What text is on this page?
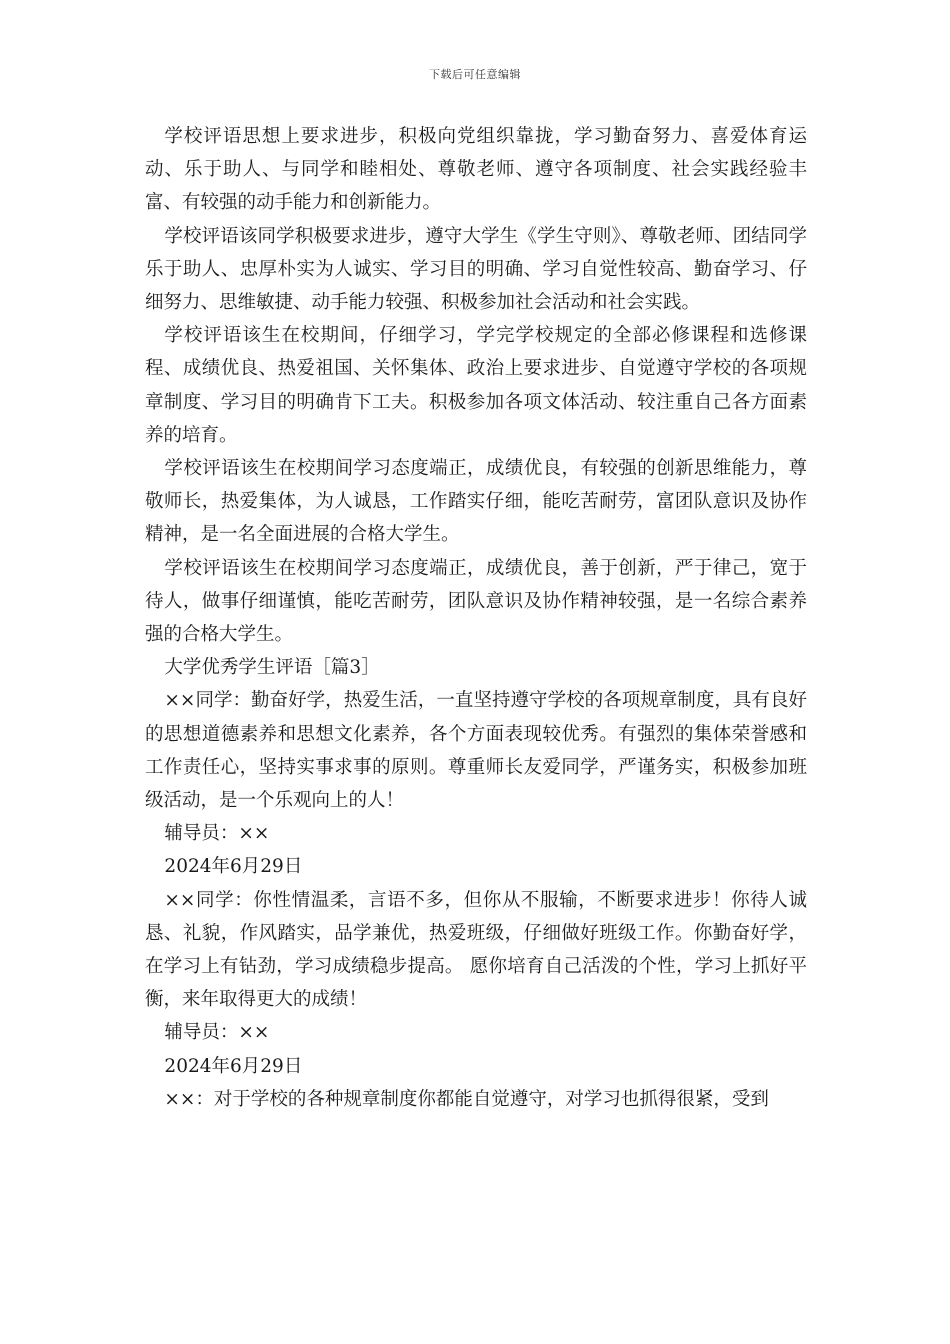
下载后可任意编辑

学校评语思想上要求进步，积极向党组织靠拢，学习勤奋努力、喜爱体育运动、乐于助人、与同学和睦相处、尊敬老师、遵守各项制度、社会实践经验丰富、有较强的动手能力和创新能力。

学校评语该同学积极要求进步，遵守大学生《学生守则》、尊敬老师、团结同学乐于助人、忠厚朴实为人诚实、学习目的明确、学习自觉性较高、勤奋学习、仔细努力、思维敏捷、动手能力较强、积极参加社会活动和社会实践。

学校评语该生在校期间，仔细学习，学完学校规定的全部必修课程和选修课程、成绩优良、热爱祖国、关怀集体、政治上要求进步、自觉遵守学校的各项规章制度、学习目的明确肯下工夫。积极参加各项文体活动、较注重自己各方面素养的培育。

学校评语该生在校期间学习态度端正，成绩优良，有较强的创新思维能力，尊敬师长，热爱集体，为人诚恳，工作踏实仔细，能吃苦耐劳，富团队意识及协作精神，是一名全面进展的合格大学生。

学校评语该生在校期间学习态度端正，成绩优良，善于创新，严于律己，宽于待人，做事仔细谨慎，能吃苦耐劳，团队意识及协作精神较强，是一名综合素养强的合格大学生。

大学优秀学生评语［篇3］

××同学：勤奋好学，热爱生活，一直坚持遵守学校的各项规章制度，具有良好的思想道德素养和思想文化素养，各个方面表现较优秀。有强烈的集体荣誉感和工作责任心，坚持实事求事的原则。尊重师长友爱同学，严谨务实，积极参加班级活动，是一个乐观向上的人！

辅导员：××

2024年6月29日

××同学：你性情温柔，言语不多，但你从不服输，不断要求进步！你待人诚恳、礼貌，作风踏实，品学兼优，热爱班级，仔细做好班级工作。你勤奋好学，在学习上有钻劲，学习成绩稳步提高。 愿你培育自己活泼的个性，学习上抓好平衡，来年取得更大的成绩！

辅导员：××

2024年6月29日

××：对于学校的各种规章制度你都能自觉遵守，对学习也抓得很紧，受到
